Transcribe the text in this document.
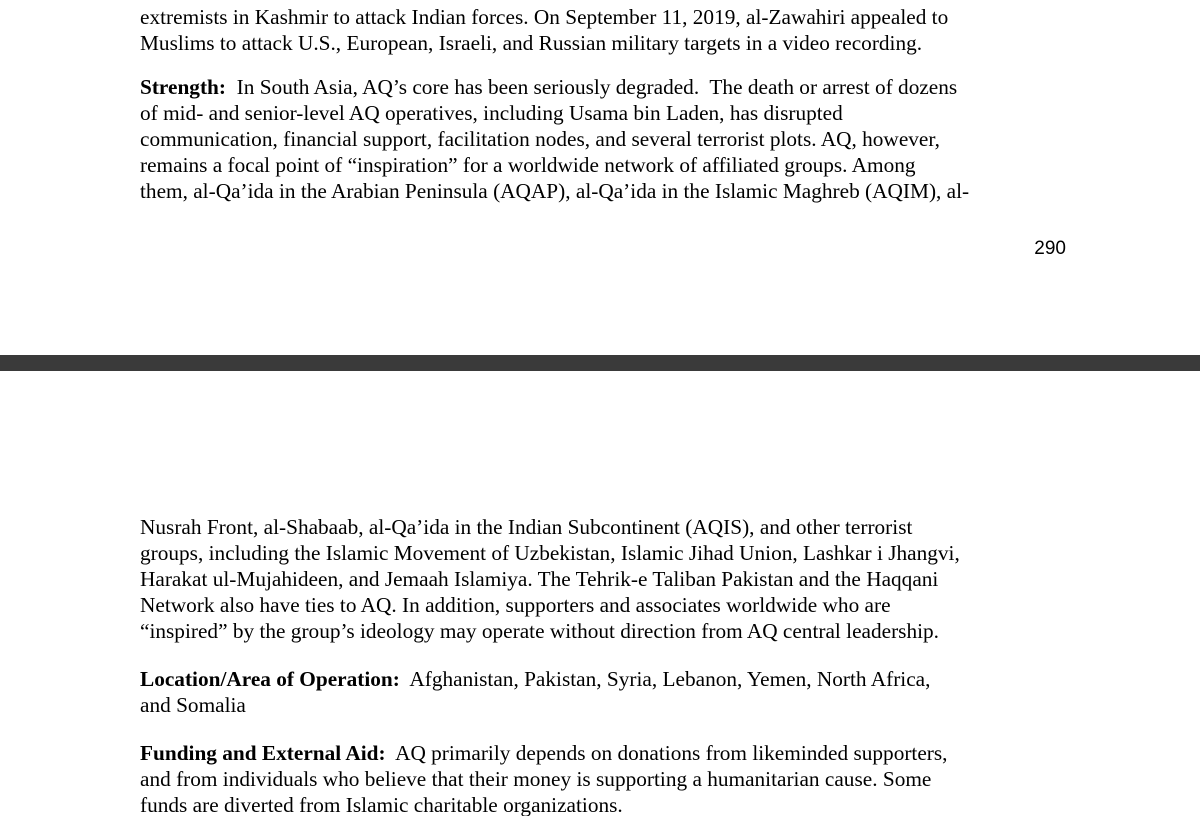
extremists in Kashmir to attack Indian forces. On September 11, 2019, al-Zawahiri appealed to
Muslims to attack U.S., European, Israeli, and Russian military targets in a video recording.
Strength:  In South Asia, AQ’s core has been seriously degraded.  The death or arrest of dozens
of mid- and senior-level AQ operatives, including Usama bin Laden, has disrupted
communication, financial support, facilitation nodes, and several terrorist plots. AQ, however,
remains a focal point of “inspiration” for a worldwide network of affiliated groups. Among
them, al-Qa’ida in the Arabian Peninsula (AQAP), al-Qa’ida in the Islamic Maghreb (AQIM), al-
290
Nusrah Front, al-Shabaab, al-Qa’ida in the Indian Subcontinent (AQIS), and other terrorist
groups, including the Islamic Movement of Uzbekistan, Islamic Jihad Union, Lashkar i Jhangvi,
Harakat ul-Mujahideen, and Jemaah Islamiya. The Tehrik-e Taliban Pakistan and the Haqqani
Network also have ties to AQ. In addition, supporters and associates worldwide who are
“inspired” by the group’s ideology may operate without direction from AQ central leadership.
Location/Area of Operation:  Afghanistan, Pakistan, Syria, Lebanon, Yemen, North Africa,
and Somalia
Funding and External Aid:  AQ primarily depends on donations from likeminded supporters,
and from individuals who believe that their money is supporting a humanitarian cause. Some
funds are diverted from Islamic charitable organizations.
